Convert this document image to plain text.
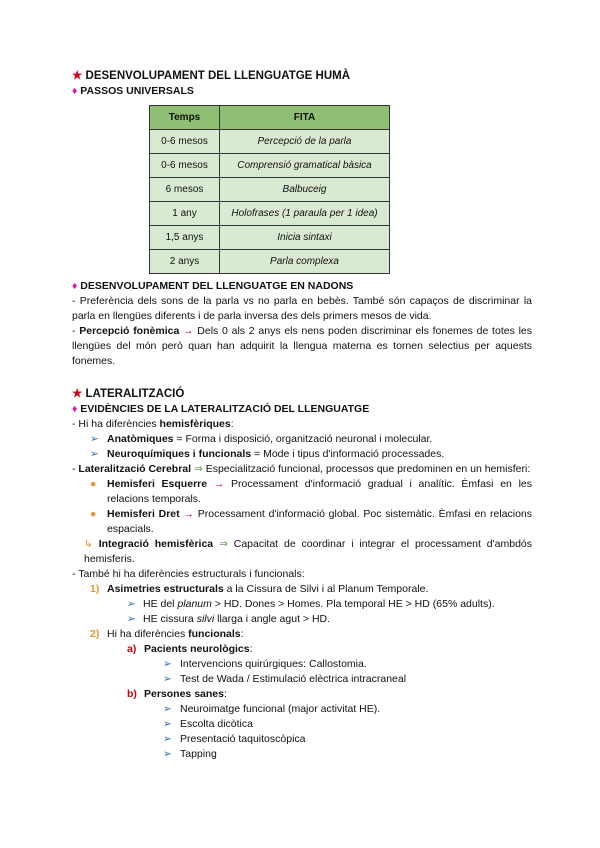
★ DESENVOLUPAMENT DEL LLENGUATGE HUMÀ
♦ PASSOS UNIVERSALS
Temps	FITA
0-6 mesos	Percepció de la parla
0-6 mesos	Comprensió gramatical bàsica
6 mesos	Balbuceig
1 any	Holofrases (1 paraula per 1 idea)
1,5 anys	Inicia sintaxi
2 anys	Parla complexa
♦ DESENVOLUPAMENT DEL LLENGUATGE EN NADONS

- Preferència dels sons de la parla vs no parla en bebès. També són capaços de discriminar la parla en llengües diferents i de parla inversa des dels primers mesos de vida.

- Percepció fonèmica → Dels 0 als 2 anys els nens poden discriminar els fonemes de totes les llengües del món però quan han adquirit la llengua materna es tornen selectius per aquests fonemes.

★ LATERALITZACIÓ
♦ EVIDÈNCIES DE LA LATERALITZACIÓ DEL LLENGUATGE

- Hi ha diferències hemisfèriques:

➢ Anatòmiques = Forma i disposició, organització neuronal i molecular.
➢ Neuroquímiques i funcionals = Mode i tipus d'informació processades.

- Lateralització Cerebral ⇒ Especialització funcional, processos que predominen en un hemisferi:

●	Hemisferi Esquerre → Processament d'informació gradual i analític. Èmfasi en les relacions temporals.

●	Hemisferi Dret → Processament d'informació global. Poc sistemàtic. Èmfasi en relacions espacials.

↳ Integració hemisfèrica ⇒ Capacitat de coordinar i integrar el processament d'ambdós hemisferis.

- També hi ha diferències estructurals i funcionals:

1) Asimetries estructurals a la Cissura de Silvi i al Planum Temporale.
➢ HE del planum > HD. Dones > Homes. Pla temporal HE > HD (65% adults).
➢ HE cissura silvi llarga i angle agut > HD.
2) Hi ha diferències funcionals:
a) Pacients neurològics:
➢ Intervencions quirúrgiques: Callostomia.
➢ Test de Wada / Estimulació elèctrica intracraneal
b) Persones sanes:
➢ Neuroimatge funcional (major activitat HE).
➢ Escolta dicòtica
➢ Presentació taquitoscòpica
➢ Tapping
